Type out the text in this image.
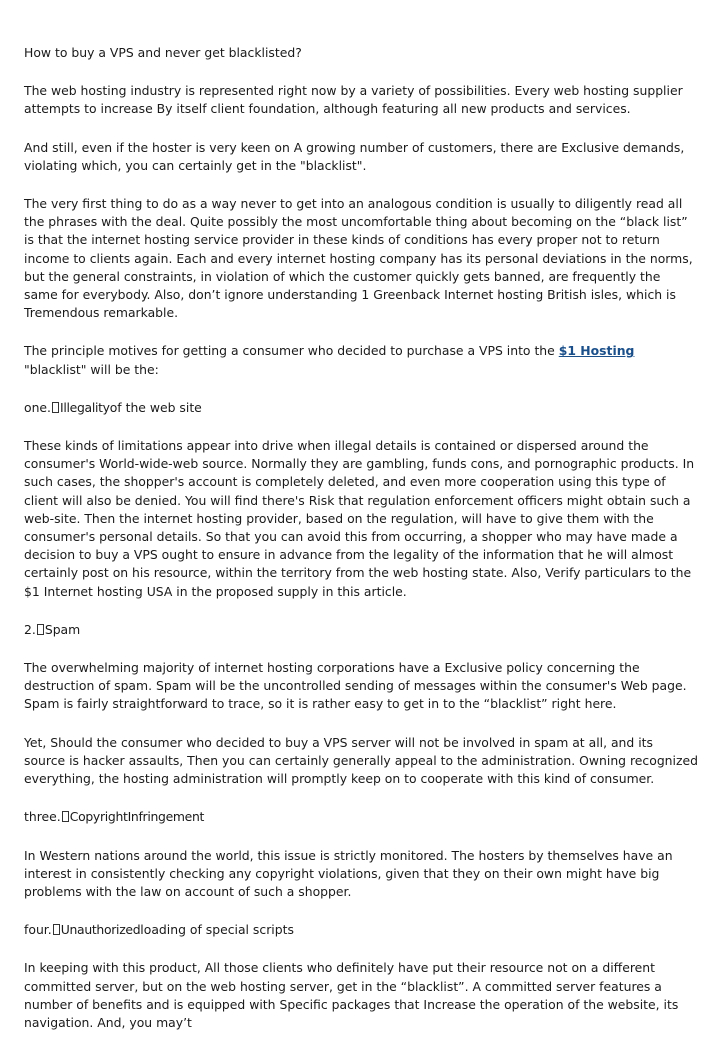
How to buy a VPS and never get blacklisted?

The web hosting industry is represented right now by a variety of possibilities. Every web hosting supplier attempts to increase By itself client foundation, although featuring all new products and services.

And still, even if the hoster is very keen on A growing number of customers, there are Exclusive demands, violating which, you can certainly get in the "blacklist".

The very first thing to do as a way never to get into an analogous condition is usually to diligently read all the phrases with the deal. Quite possibly the most uncomfortable thing about becoming on the “black list” is that the internet hosting service provider in these kinds of conditions has every proper not to return income to clients again. Each and every internet hosting company has its personal deviations in the norms, but the general constraints, in violation of which the customer quickly gets banned, are frequently the same for everybody. Also, don’t ignore understanding 1 Greenback Internet hosting British isles, which is Tremendous remarkable.

The principle motives for getting a consumer who decided to purchase a VPS into the $1 Hosting "blacklist" will be the:

one. Illegalityof the web site

These kinds of limitations appear into drive when illegal details is contained or dispersed around the consumer's World-wide-web source. Normally they are gambling, funds cons, and pornographic products. In such cases, the shopper's account is completely deleted, and even more cooperation using this type of client will also be denied. You will find there's Risk that regulation enforcement officers might obtain such a web-site. Then the internet hosting provider, based on the regulation, will have to give them with the consumer's personal details. So that you can avoid this from occurring, a shopper who may have made a decision to buy a VPS ought to ensure in advance from the legality of the information that he will almost certainly post on his resource, within the territory from the web hosting state. Also, Verify particulars to the $1 Internet hosting USA in the proposed supply in this article.

2. Spam

The overwhelming majority of internet hosting corporations have a Exclusive policy concerning the destruction of spam. Spam will be the uncontrolled sending of messages within the consumer's Web page. Spam is fairly straightforward to trace, so it is rather easy to get in to the “blacklist” right here.

Yet, Should the consumer who decided to buy a VPS server will not be involved in spam at all, and its source is hacker assaults, Then you can certainly generally appeal to the administration. Owning recognized everything, the hosting administration will promptly keep on to cooperate with this kind of consumer.

three. CopyrightInfringement

In Western nations around the world, this issue is strictly monitored. The hosters by themselves have an interest in consistently checking any copyright violations, given that they on their own might have big problems with the law on account of such a shopper.

four. Unauthorizedloading of special scripts

In keeping with this product, All those clients who definitely have put their resource not on a different committed server, but on the web hosting server, get in the “blacklist”. A committed server features a number of benefits and is equipped with Specific packages that Increase the operation of the website, its navigation. And, you may’t
